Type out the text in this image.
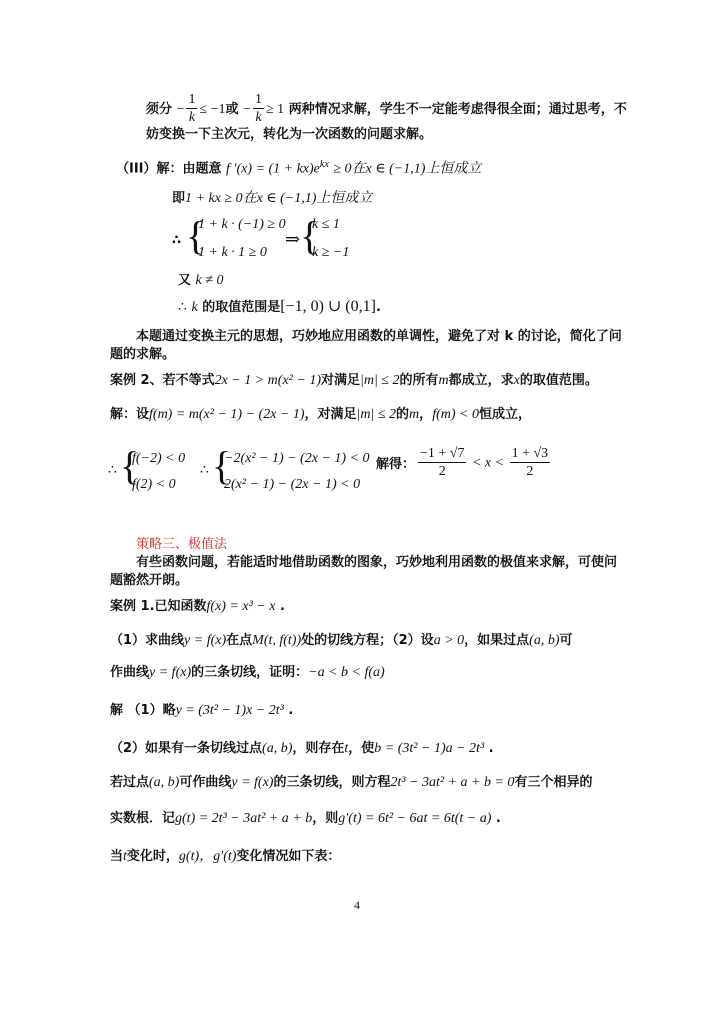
须分 − $\frac{1}{k} \le -1$或 − $\frac{1}{k} \ge 1$ 两种情况求解，学生不一定能考虑得很全面；通过思考，不
妨变换一下主次元，转化为一次函数的问题求解。
（III）解：由题意 f $'(x) = (1 + kx)e^{kx} \ge 0$在x ∈ (−1,1)上恒成立
即1 + kx ≥ 0在x ∈ (−1,1)上恒成立
∴ {
1 + k · (−1) ≥ 0
1 + k · 1 ≥ 0
⇒ {
k ≤ 1
k ≥ −1
又 k ≠ 0
∴ k 的取值范围是[−1, 0) ∪ (0,1].
本题通过变换主元的思想，巧妙地应用函数的单调性，避免了对 k 的讨论，简化了问
题的求解。
案例 2、若不等式2x − 1 > m(x² − 1)对满足|m| ≤ 2的所有m都成立，求x的取值范围。
解：设f(m) = m(x² − 1) − (2x − 1)，对满足|m| ≤ 2的m，f(m) < 0恒成立，
∴ {
f(−2) < 0
f(2) < 0
∴ {
−2(x² − 1) − (2x − 1) < 0
2(x² − 1) − (2x − 1) < 0
解得： $\frac{-1 + √7}{2} < x < \frac{1 + √3}{2}$
策略三、极值法
有些函数问题，若能适时地借助函数的图象，巧妙地利用函数的极值来求解，可使问
题豁然开朗。
案例 1.已知函数f(x) = x³ − x .
（1）求曲线y = f(x)在点M(t, f(t))处的切线方程；（2）设a > 0，如果过点(a, b)可
作曲线y = f(x)的三条切线，证明：−a < b < f(a)
解 （1）略y = (3t² − 1)x − 2t³ .
（2）如果有一条切线过点(a, b)，则存在t，使b = (3t² − 1)a − 2t³ .
若过点(a, b)可作曲线y = f(x)的三条切线，则方程2t³ − 3at² + a + b = 0有三个相异的
实数根．记g(t) = 2t³ − 3at² + a + b，则g′(t) = 6t² − 6at = 6t(t − a) .
当t变化时，g(t)，g′(t)变化情况如下表：
4
